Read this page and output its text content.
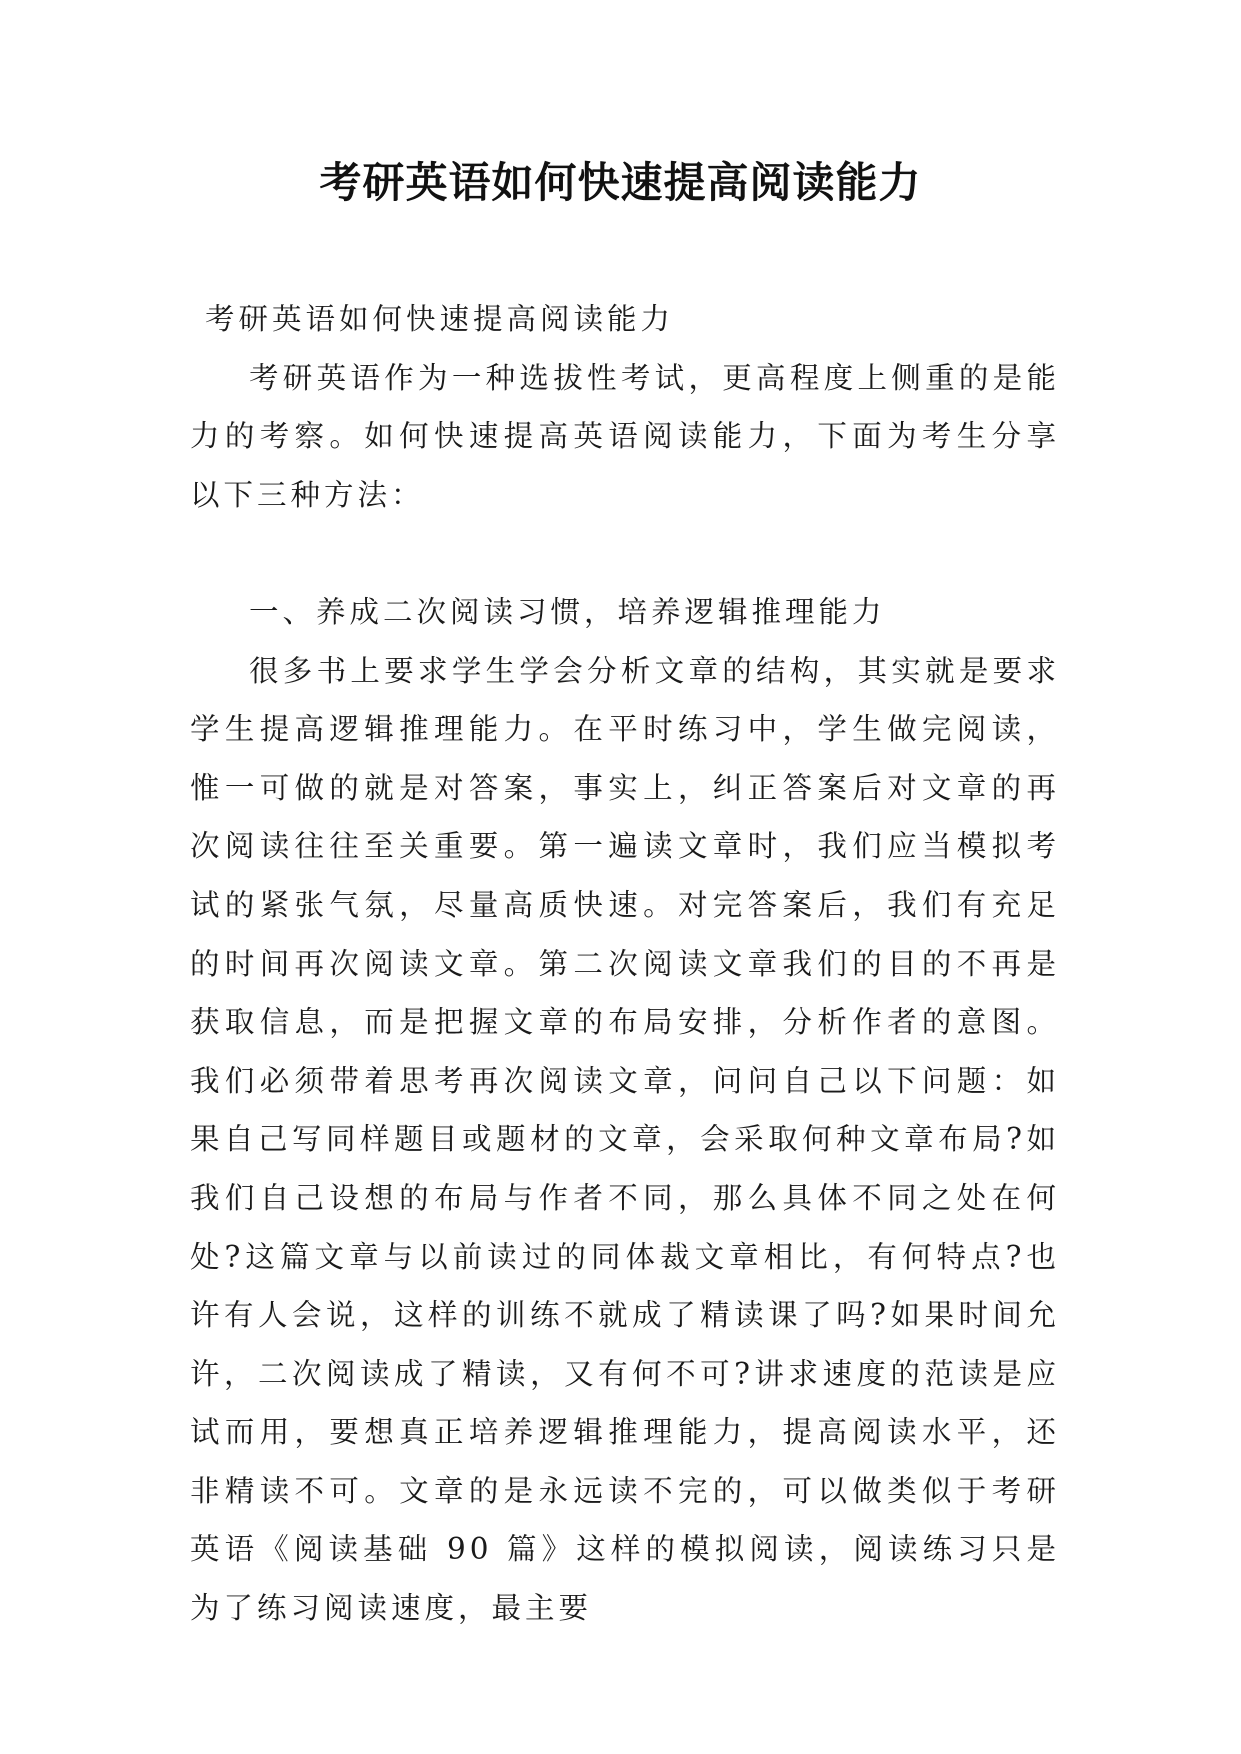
考研英语如何快速提高阅读能力

考研英语如何快速提高阅读能力

考研英语作为一种选拔性考试，更高程度上侧重的是能力的考察。如何快速提高英语阅读能力，下面为考生分享以下三种方法：

一、养成二次阅读习惯，培养逻辑推理能力

很多书上要求学生学会分析文章的结构，其实就是要求学生提高逻辑推理能力。在平时练习中，学生做完阅读，惟一可做的就是对答案，事实上，纠正答案后对文章的再次阅读往往至关重要。第一遍读文章时，我们应当模拟考试的紧张气氛，尽量高质快速。对完答案后，我们有充足的时间再次阅读文章。第二次阅读文章我们的目的不再是获取信息，而是把握文章的布局安排，分析作者的意图。我们必须带着思考再次阅读文章，问问自己以下问题：如果自己写同样题目或题材的文章，会采取何种文章布局?如我们自己设想的布局与作者不同，那么具体不同之处在何处?这篇文章与以前读过的同体裁文章相比，有何特点?也许有人会说，这样的训练不就成了精读课了吗?如果时间允许，二次阅读成了精读，又有何不可?讲求速度的范读是应试而用，要想真正培养逻辑推理能力，提高阅读水平，还非精读不可。文章的是永远读不完的，可以做类似于考研英语《阅读基础 90 篇》这样的模拟阅读，阅读练习只是为了练习阅读速度，最主要
